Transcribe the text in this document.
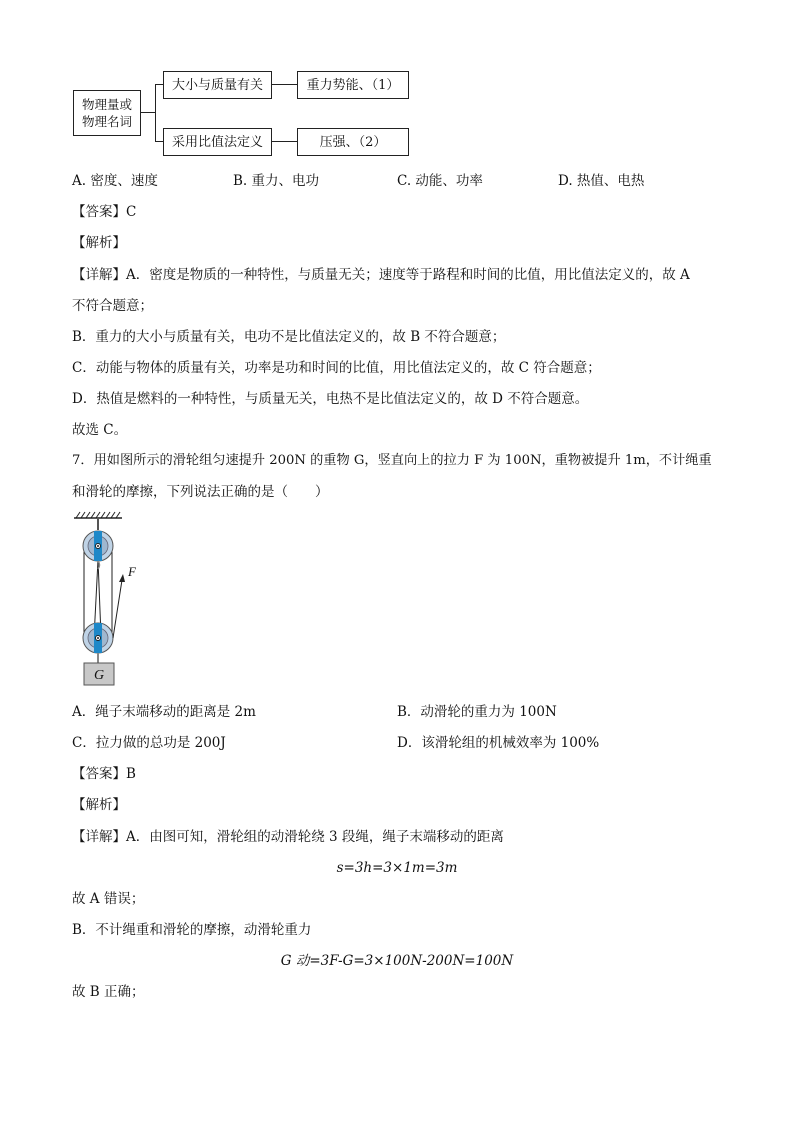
物理量或
物理名词
大小与质量有关	重力势能、（1）
采用比值法定义	压强、（2）
A. 密度、速度	B. 重力、电功	C. 动能、功率	D. 热值、电热
【答案】C
【解析】
【详解】A．密度是物质的一种特性，与质量无关；速度等于路程和时间的比值，用比值法定义的，故 A
不符合题意；
B．重力的大小与质量有关，电功不是比值法定义的，故 B 不符合题意；
C．动能与物体的质量有关，功率是功和时间的比值，用比值法定义的，故 C 符合题意；
D．热值是燃料的一种特性，与质量无关，电热不是比值法定义的，故 D 不符合题意。
故选 C。
7．用如图所示的滑轮组匀速提升 200N 的重物 G，竖直向上的拉力 F 为 100N，重物被提升 1m，不计绳重
和滑轮的摩擦，下列说法正确的是（　　）
G
F
A．绳子末端移动的距离是 2m	B．动滑轮的重力为 100N
C．拉力做的总功是 200J	D．该滑轮组的机械效率为 100%
【答案】B
【解析】
【详解】A．由图可知，滑轮组的动滑轮绕 3 段绳，绳子末端移动的距离
s=3h=3×1m=3m
故 A 错误；
B．不计绳重和滑轮的摩擦，动滑轮重力
G 动=3F-G=3×100N-200N=100N
故 B 正确；
